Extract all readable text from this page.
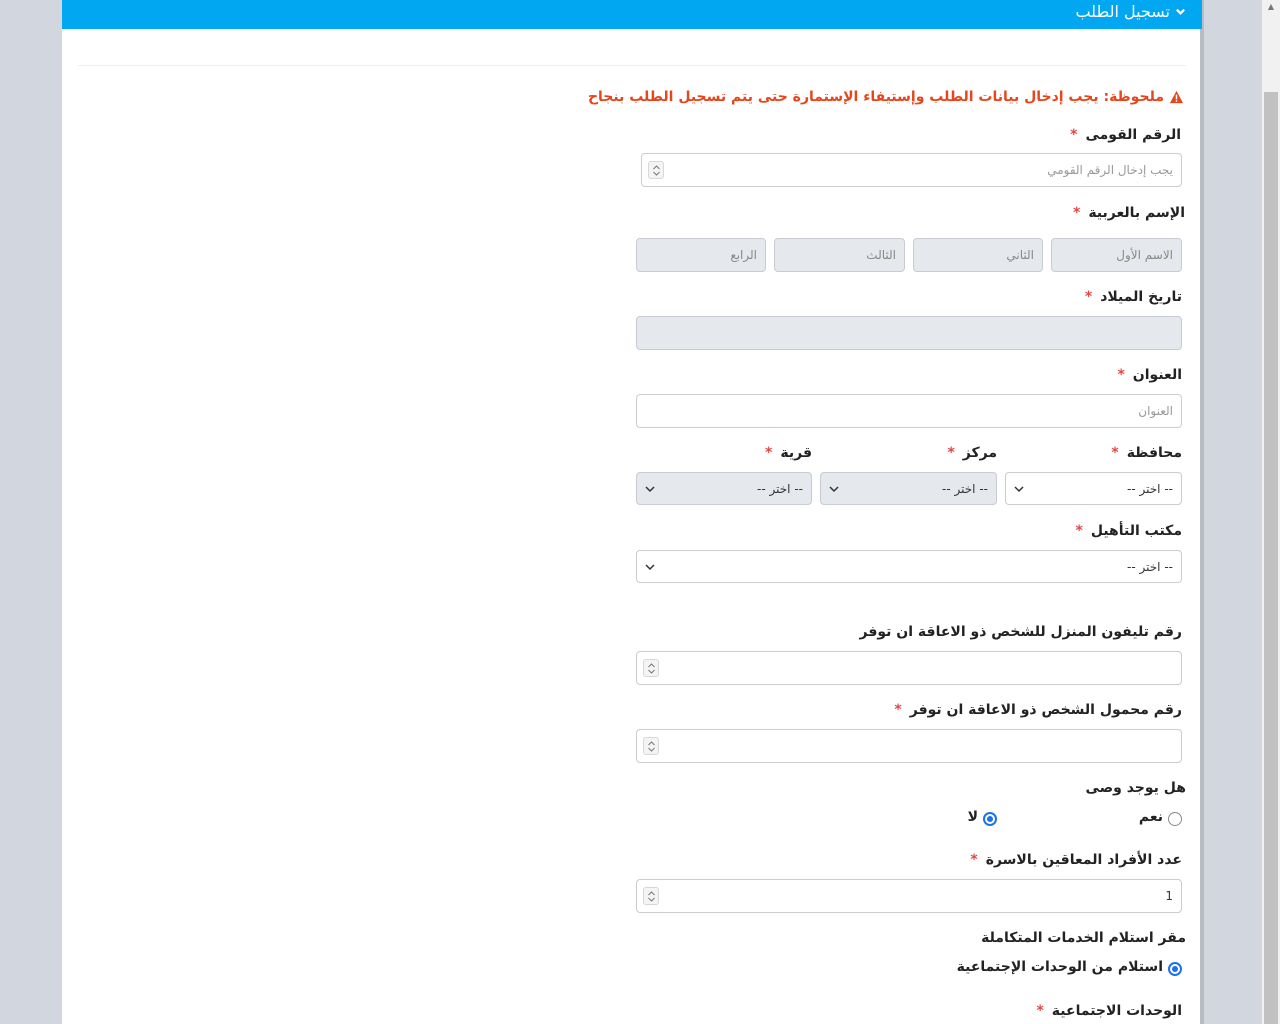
▲
تسجيل الطلب
ملحوظة: يجب إدخال بيانات الطلب وإستيفاء الإستمارة حتى يتم تسجيل الطلب بنجاح
الرقم القومى*
يجب إدخال الرقم القومي
الإسم بالعربية*
الاسم الأول
الثاني
الثالث
الرابع
تاريخ الميلاد*
العنوان*
العنوان
محافظة*
مركز*
قرية*
-- اختر --
-- اختر --
-- اختر --
مكتب التأهيل*
-- اختر --
رقم تليفون المنزل للشخص ذو الاعاقة ان توفر
رقم محمول الشخص ذو الاعاقة ان توفر*
هل يوجد وصى
نعم
لا
عدد الأفراد المعاقين بالاسرة*
1
مقر استلام الخدمات المتكاملة
استلام من الوحدات الإجتماعية
الوحدات الاجتماعية*
